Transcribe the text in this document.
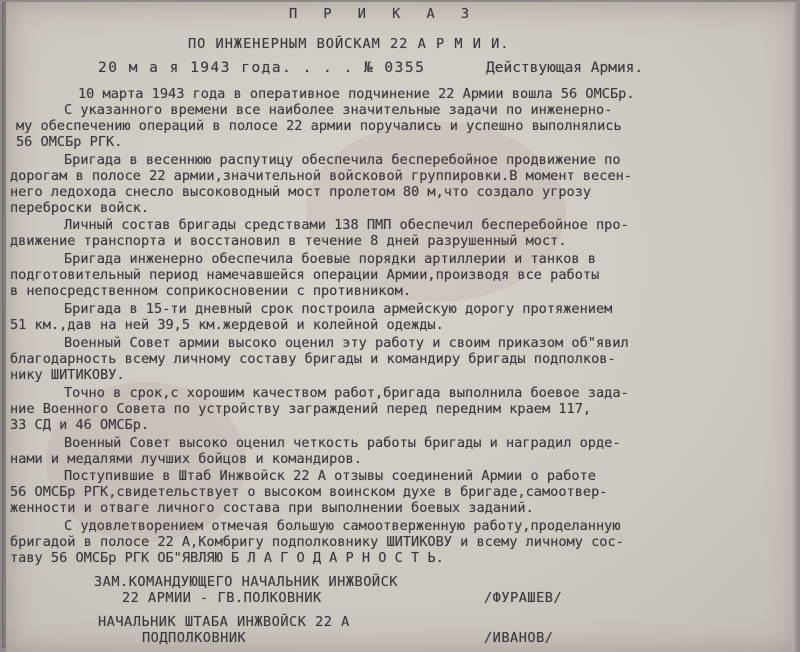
П Р И К А З
ПО ИНЖЕНЕРНЫМ ВОЙСКАМ 22 А Р М И И.
20 м а я 1943 года. . . . № 0355	Действующая Армия.
10 марта 1943 года в оперативное подчинение 22 Армии вошла 56 ОМСБр.
С указанного времени все наиболее значительные задачи по инженерно-
му обеспечению операций в полосе 22 армии поручались и успешно выполнялись
56 ОМСБр РГК.
Бригада в весеннюю распутицу обеспечила бесперебойное продвижение по
дорогам в полосе 22 армии,значительной войсковой группировки.В момент весен-
него ледохода снесло высоководный мост пролетом 80 м,что создало угрозу
переброски войск.
Личный состав бригады средствами 138 ПМП обеспечил бесперебойное про-
движение транспорта и восстановил в течение 8 дней разрушенный мост.
Бригада инженерно обеспечила боевые порядки артиллерии и танков в
подготовительный период намечавшейся операции Армии,производя все работы
в непосредственном соприкосновении с противником.
Бригада в 15-ти дневный срок построила армейскую дорогу протяжением
51 км.,дав на ней 39,5 км.жердевой и колейной одежды.
Военный Совет армии высоко оценил эту работу и своим приказом об"явил
благодарность всему личному составу бригады и командиру бригады подполков-
нику ШИТИКОВУ.
Точно в срок,с хорошим качеством работ,бригада выполнила боевое зада-
ние Военного Совета по устройству заграждений перед передним краем 117,
33 СД и 46 ОМСБр.
Военный Совет высоко оценил четкость работы бригады и наградил орде-
нами и медалями лучших бойцов и командиров.
Поступившие в Штаб Инжвойск 22 А отзывы соединений Армии о работе
56 ОМСБр РГК,свидетельствует о высоком воинском духе в бригаде,самоотвер-
женности и отваге личного состава при выполнении боевых заданий.
С удовлетворением отмечая большую самоотверженную работу,проделанную
бригадой в полосе 22 А,Комбригу подполковнику ШИТИКОВУ и всему личному сос-
таву 56 ОМСБр РГК ОБ"ЯВЛЯЮ Б Л А Г О Д А Р Н О С Т Ь.
ЗАМ.КОМАНДУЮЩЕГО НАЧАЛЬНИК ИНЖВОЙСК
22 АРМИИ - ГВ.ПОЛКОВНИК	/ФУРАШЕВ/
НАЧАЛЬНИК ШТАБА ИНЖВОЙСК 22 А
ПОДПОЛКОВНИК	/ИВАНОВ/
